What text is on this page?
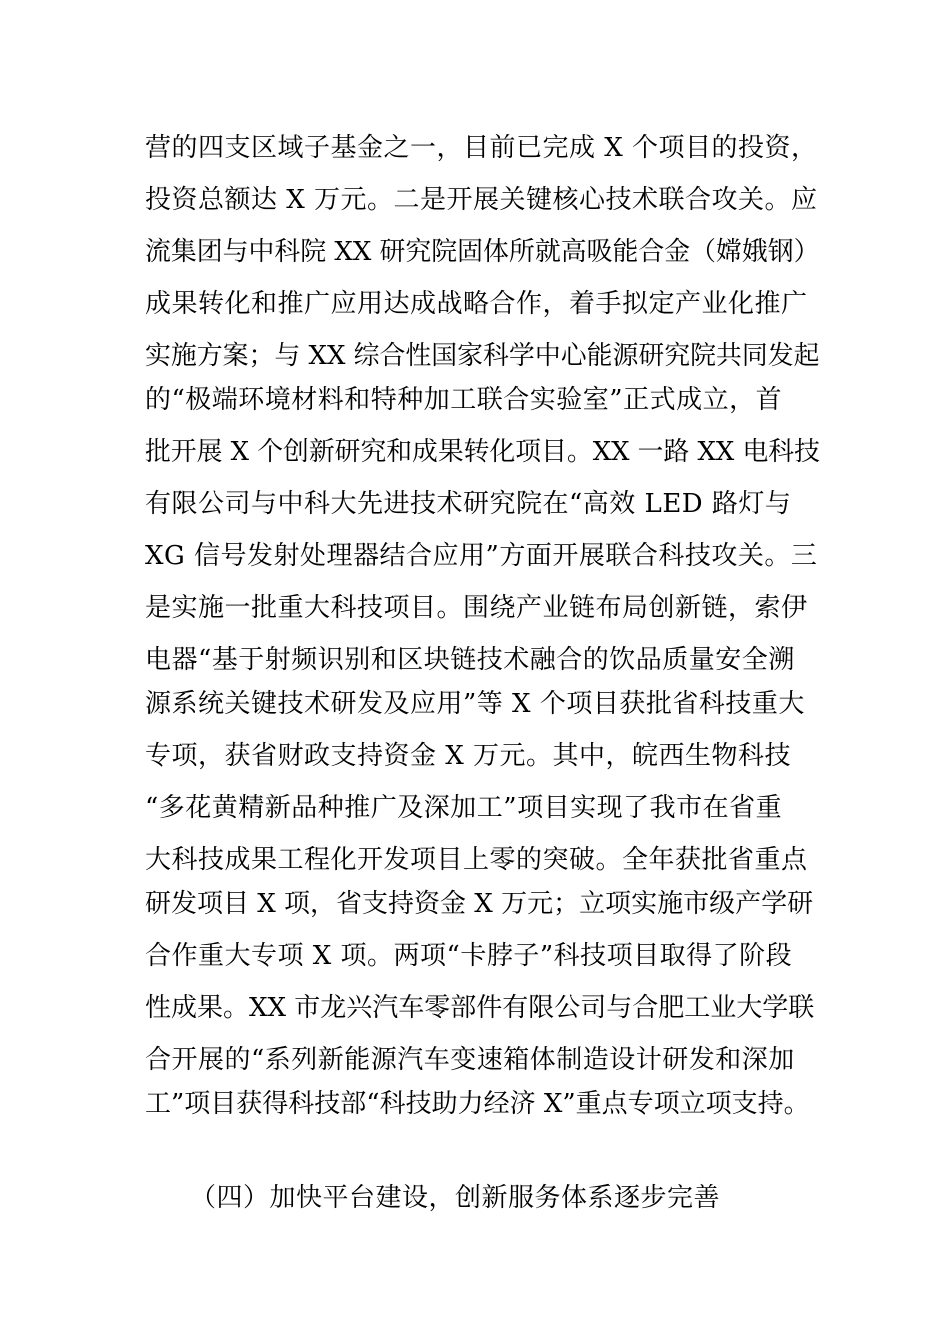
营的四支区域子基金之一，目前已完成 X 个项目的投资，
投资总额达 X 万元。二是开展关键核心技术联合攻关。应
流集团与中科院 XX 研究院固体所就高吸能合金（嫦娥钢）
成果转化和推广应用达成战略合作，着手拟定产业化推广
实施方案；与 XX 综合性国家科学中心能源研究院共同发起
的“极端环境材料和特种加工联合实验室”正式成立，首
批开展 X 个创新研究和成果转化项目。XX 一路 XX 电科技
有限公司与中科大先进技术研究院在“高效 LED 路灯与
XG 信号发射处理器结合应用”方面开展联合科技攻关。三
是实施一批重大科技项目。围绕产业链布局创新链，索伊
电器“基于射频识别和区块链技术融合的饮品质量安全溯
源系统关键技术研发及应用”等 X 个项目获批省科技重大
专项，获省财政支持资金 X 万元。其中，皖西生物科技
“多花黄精新品种推广及深加工”项目实现了我市在省重
大科技成果工程化开发项目上零的突破。全年获批省重点
研发项目 X 项，省支持资金 X 万元；立项实施市级产学研
合作重大专项 X 项。两项“卡脖子”科技项目取得了阶段
性成果。XX 市龙兴汽车零部件有限公司与合肥工业大学联
合开展的“系列新能源汽车变速箱体制造设计研发和深加
工”项目获得科技部“科技助力经济 X”重点专项立项支持。
（四）加快平台建设，创新服务体系逐步完善
